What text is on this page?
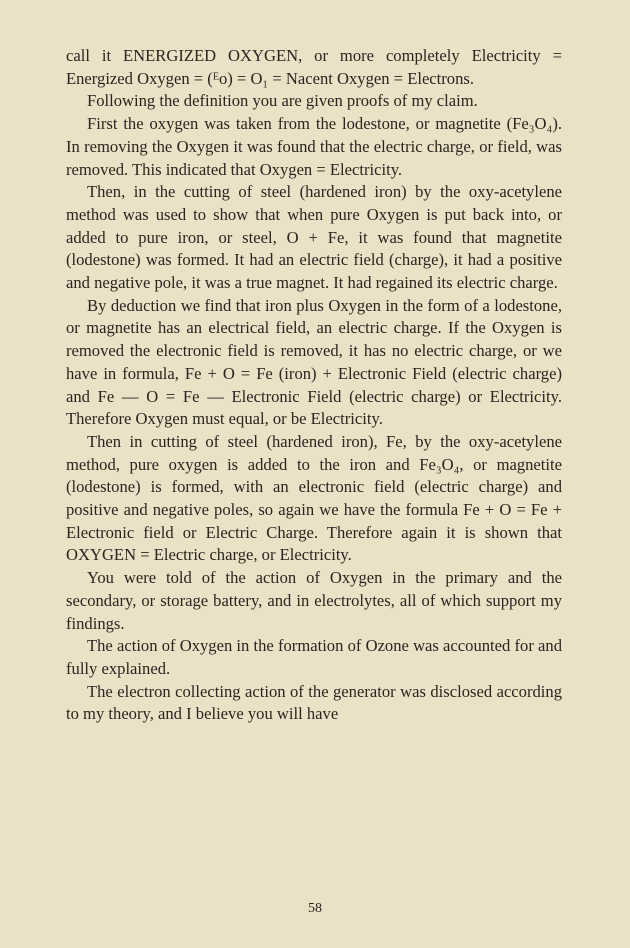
call it ENERGIZED OXYGEN, or more completely Electricity = Energized Oxygen = (ᴱo) = O₁ = Nacent Oxygen = Electrons.

Following the definition you are given proofs of my claim.

First the oxygen was taken from the lodestone, or magnetite (Fe₃O₄). In removing the Oxygen it was found that the electric charge, or field, was removed. This indicated that Oxygen = Electricity.

Then, in the cutting of steel (hardened iron) by the oxy-acetylene method was used to show that when pure Oxygen is put back into, or added to pure iron, or steel, O + Fe, it was found that magnetite (lodestone) was formed. It had an electric field (charge), it had a positive and negative pole, it was a true magnet. It had regained its electric charge.

By deduction we find that iron plus Oxygen in the form of a lodestone, or magnetite has an electrical field, an electric charge. If the Oxygen is removed the electronic field is removed, it has no electric charge, or we have in formula, Fe + O = Fe (iron) + Electronic Field (electric charge) and Fe — O = Fe — Electronic Field (electric charge) or Electricity. Therefore Oxygen must equal, or be Electricity.

Then in cutting of steel (hardened iron), Fe, by the oxy-acetylene method, pure oxygen is added to the iron and Fe₃O₄, or magnetite (lodestone) is formed, with an electronic field (electric charge) and positive and negative poles, so again we have the formula Fe + O = Fe + Electronic field or Electric Charge. Therefore again it is shown that OXYGEN = Electric charge, or Electricity.

You were told of the action of Oxygen in the primary and the secondary, or storage battery, and in electrolytes, all of which support my findings.

The action of Oxygen in the formation of Ozone was accounted for and fully explained.

The electron collecting action of the generator was disclosed according to my theory, and I believe you will have

58
